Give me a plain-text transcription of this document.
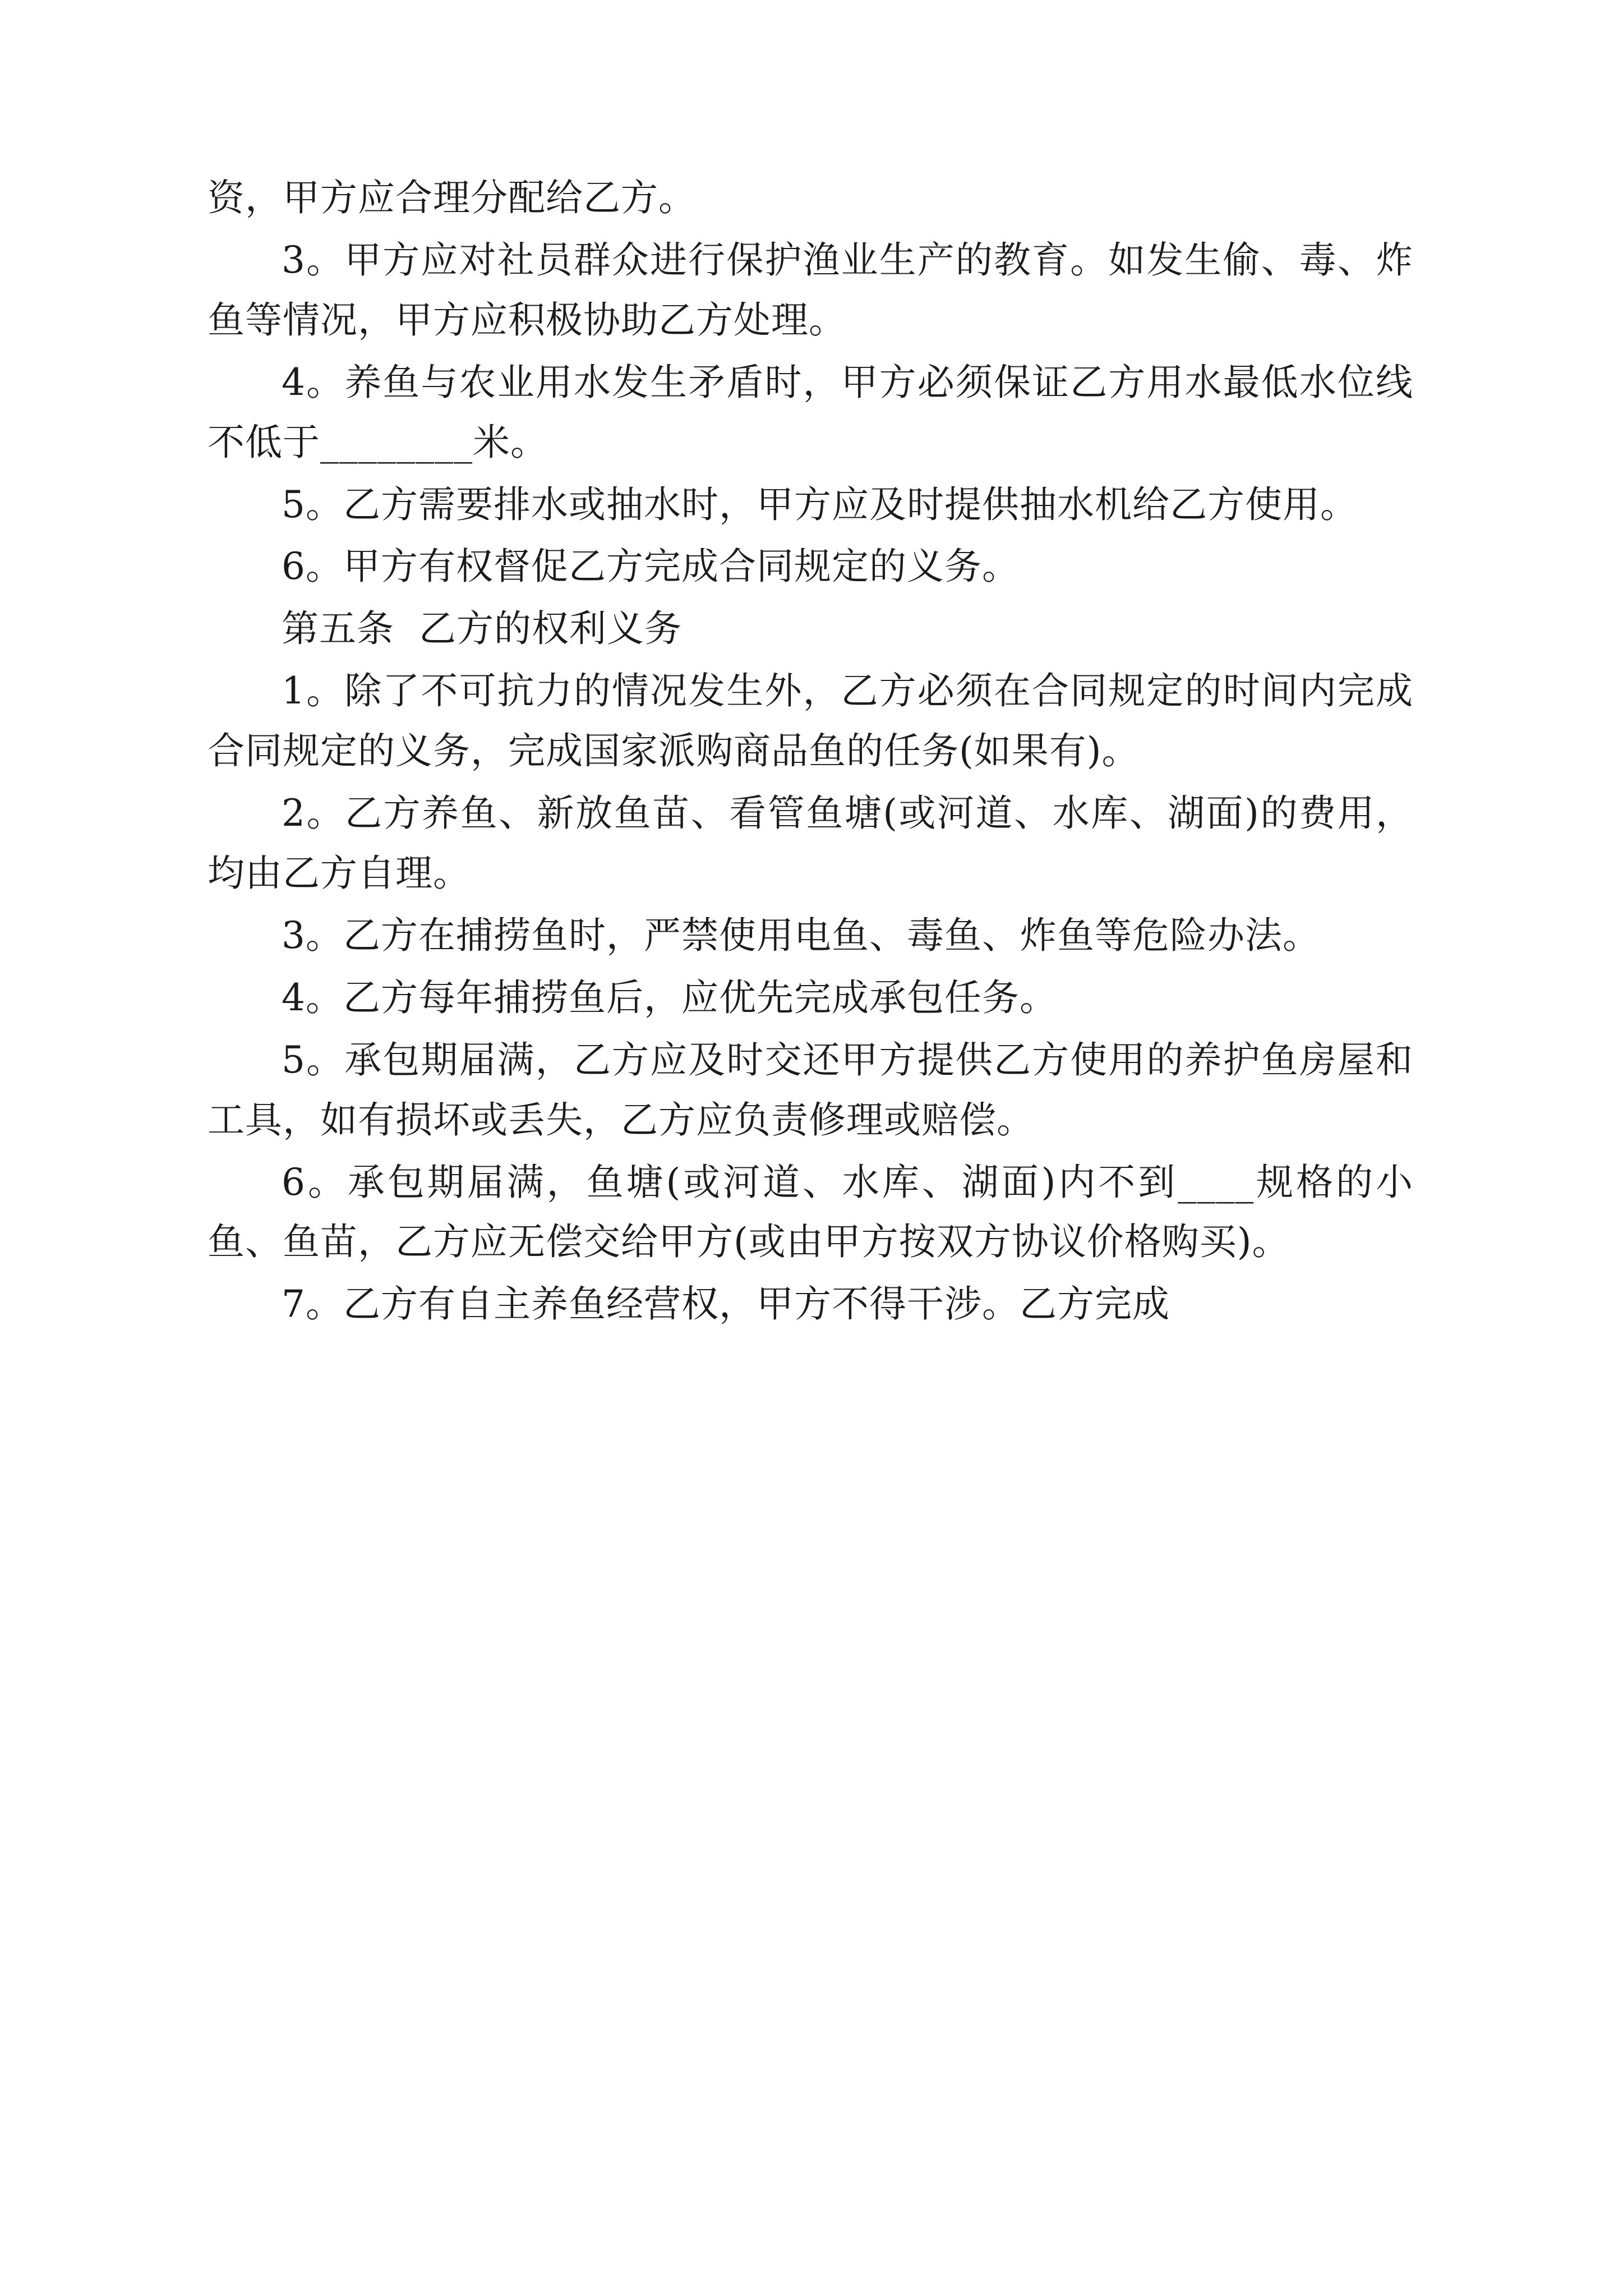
资，甲方应合理分配给乙方。

3。甲方应对社员群众进行保护渔业生产的教育。如发生偷、毒、炸鱼等情况，甲方应积极协助乙方处理。

4。养鱼与农业用水发生矛盾时，甲方必须保证乙方用水最低水位线不低于________米。

5。乙方需要排水或抽水时，甲方应及时提供抽水机给乙方使用。

6。甲方有权督促乙方完成合同规定的义务。

第五条  乙方的权利义务

1。除了不可抗力的情况发生外，乙方必须在合同规定的时间内完成合同规定的义务，完成国家派购商品鱼的任务(如果有)。

2。乙方养鱼、新放鱼苗、看管鱼塘(或河道、水库、湖面)的费用，均由乙方自理。

3。乙方在捕捞鱼时，严禁使用电鱼、毒鱼、炸鱼等危险办法。

4。乙方每年捕捞鱼后，应优先完成承包任务。

5。承包期届满，乙方应及时交还甲方提供乙方使用的养护鱼房屋和工具，如有损坏或丢失，乙方应负责修理或赔偿。

6。承包期届满，鱼塘(或河道、水库、湖面)内不到____规格的小鱼、鱼苗，乙方应无偿交给甲方(或由甲方按双方协议价格购买)。

7。乙方有自主养鱼经营权，甲方不得干涉。乙方完成
